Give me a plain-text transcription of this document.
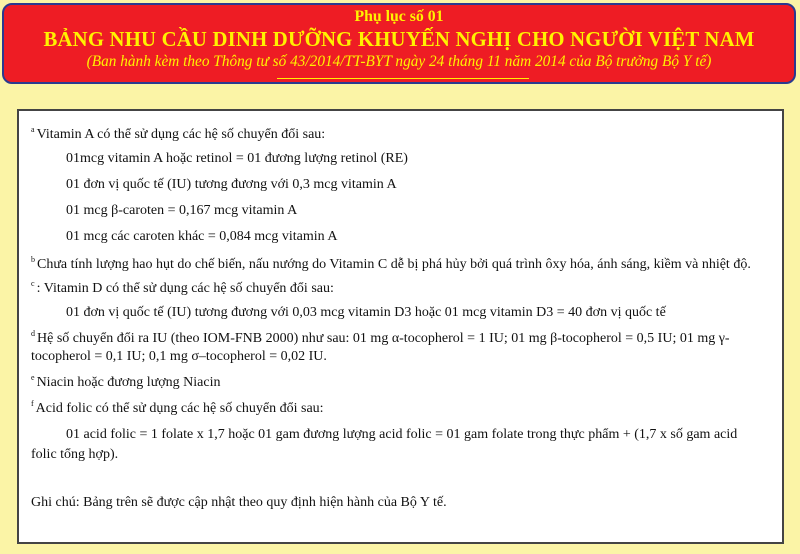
Phụ lục số 01
BẢNG NHU CẦU DINH DƯỠNG KHUYẾN NGHỊ CHO NGƯỜI VIỆT NAM
(Ban hành kèm theo Thông tư số 43/2014/TT-BYT ngày 24 tháng 11 năm 2014 của Bộ trưởng Bộ Y tế)
$^a$ Vitamin A có thể sử dụng các hệ số chuyển đổi sau:
01mcg vitamin A hoặc retinol = 01 đương lượng retinol (RE)
01 đơn vị quốc tế (IU) tương đương với 0,3 mcg vitamin A
01 mcg β-caroten = 0,167 mcg vitamin A
01 mcg các caroten khác = 0,084 mcg vitamin A
$^b$ Chưa tính lượng hao hụt do chế biến, nấu nướng do Vitamin C dễ bị phá hủy bởi quá trình ôxy hóa, ánh sáng, kiềm và nhiệt độ.
$^c$ : Vitamin D có thể sử dụng các hệ số chuyển đổi sau:
01 đơn vị quốc tế (IU) tương đương với 0,03 mcg vitamin D3 hoặc 01 mcg vitamin D3 = 40 đơn vị quốc tế
$^d$ Hệ số chuyển đổi ra IU (theo IOM-FNB 2000) như sau: 01 mg α-tocopherol = 1 IU; 01 mg β-tocopherol = 0,5 IU; 01 mg γ-
tocopherol = 0,1 IU; 0,1 mg σ–tocopherol = 0,02 IU.
$^e$ Niacin hoặc đương lượng Niacin
$^f$ Acid folic có thể sử dụng các hệ số chuyển đổi sau:
01 acid folic = 1 folate x 1,7 hoặc 01 gam đương lượng acid folic = 01 gam folate trong thực phẩm + (1,7 x số gam acid
folic tổng hợp).
Ghi chú: Bảng trên sẽ được cập nhật theo quy định hiện hành của Bộ Y tế.
